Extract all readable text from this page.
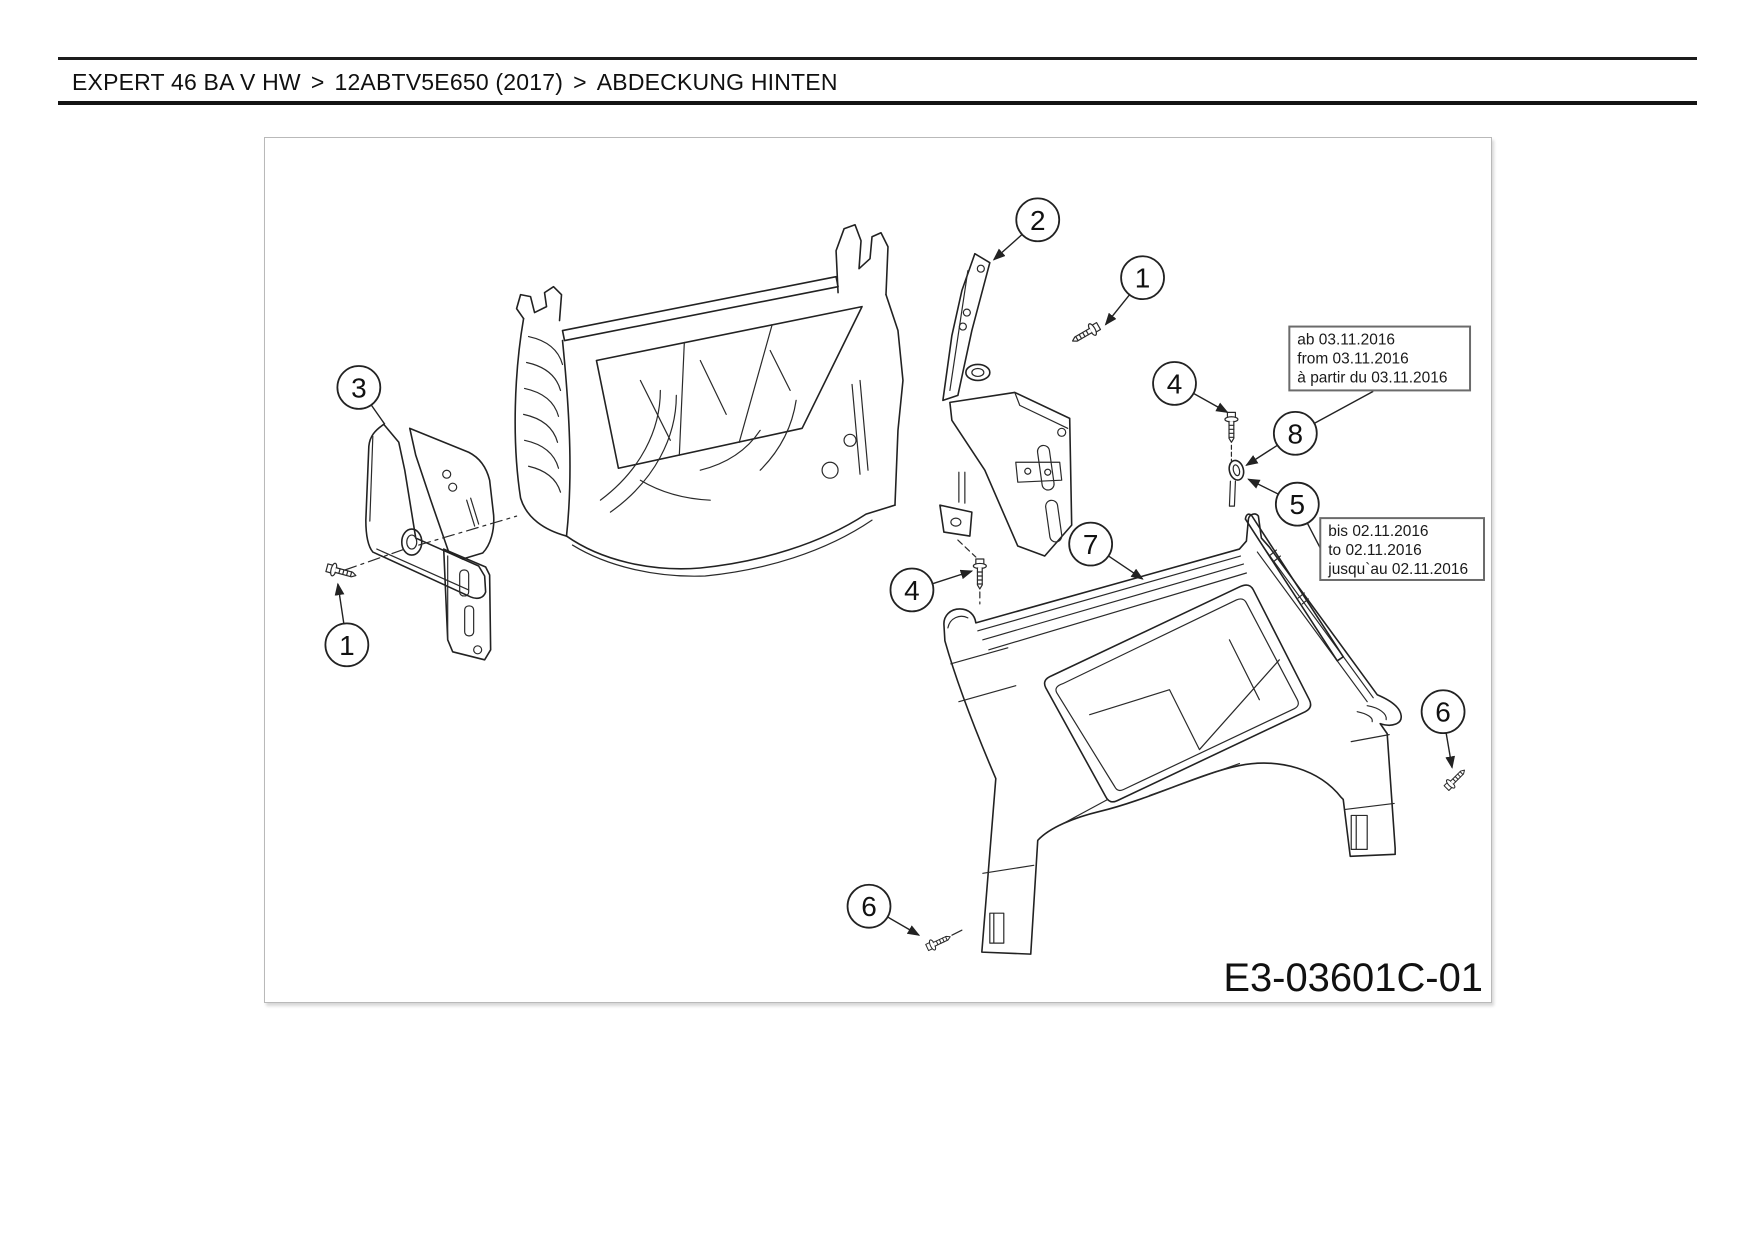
EXPERT 46 BA V HW > 12ABTV5E650 (2017) > ABDECKUNG HINTEN
2
1
3	4
8
5
7
4
1
6
6
ab 03.11.2016
from 03.11.2016
à partir du 03.11.2016
bis 02.11.2016
to 02.11.2016
jusqu`au 02.11.2016
E3-03601C-01
